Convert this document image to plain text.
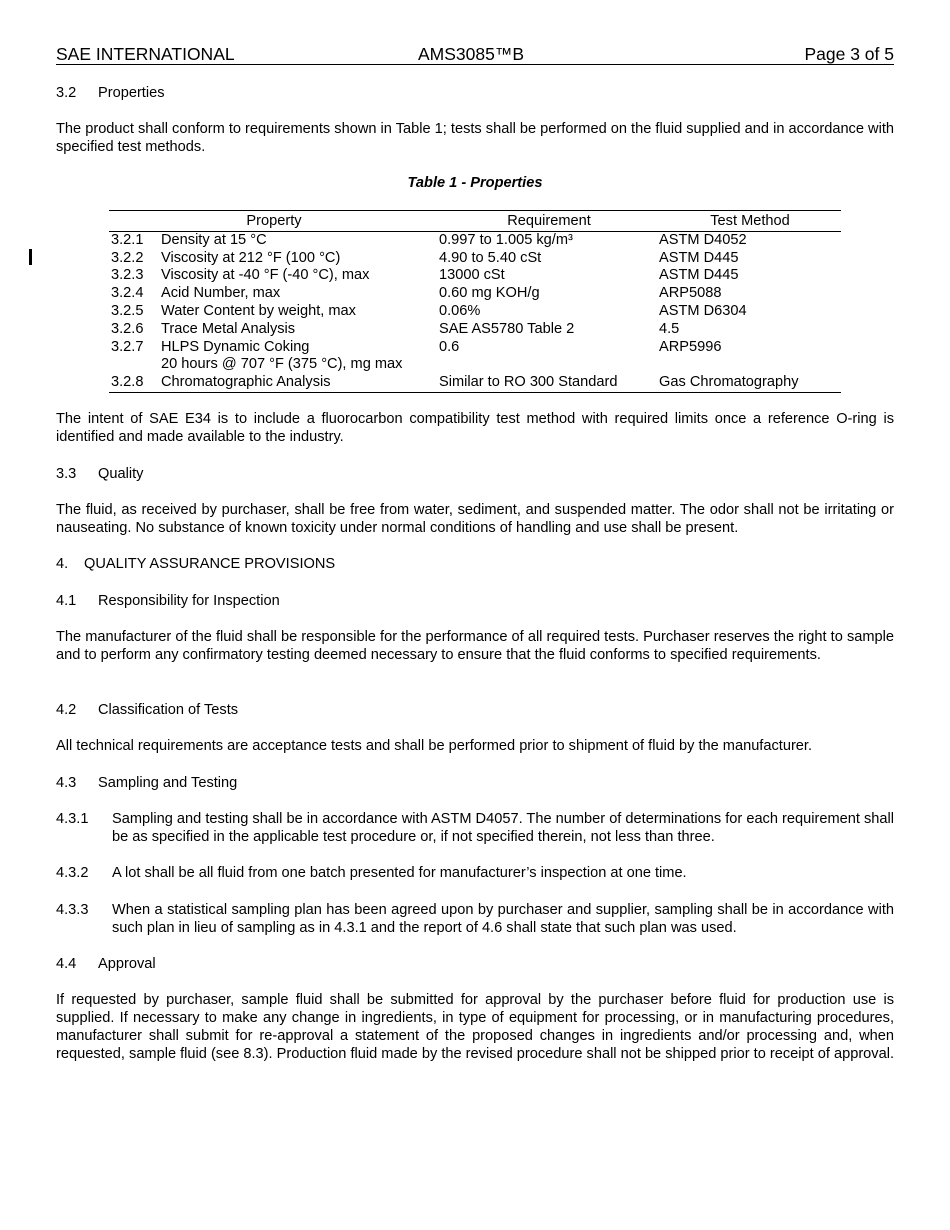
SAE INTERNATIONAL	AMS3085™B	Page 3 of 5
3.2 Properties
The product shall conform to requirements shown in Table 1; tests shall be performed on the fluid supplied and in accordance with specified test methods.
Table 1 - Properties
Property		Requirement	Test Method
3.2.1	Density at 15 °C	0.997 to 1.005 kg/m³	ASTM D4052
3.2.2	Viscosity at 212 °F (100 °C)	4.90 to 5.40 cSt	ASTM D445
3.2.3	Viscosity at -40 °F (-40 °C), max	13000 cSt	ASTM D445
3.2.4	Acid Number, max	0.60 mg KOH/g	ARP5088
3.2.5	Water Content by weight, max	0.06%	ASTM D6304
3.2.6	Trace Metal Analysis	SAE AS5780 Table 2	4.5
3.2.7	HLPS Dynamic Coking	0.6	ARP5996
	20 hours @ 707 °F (375 °C), mg max		
3.2.8	Chromatographic Analysis	Similar to RO 300 Standard	Gas Chromatography
The intent of SAE E34 is to include a fluorocarbon compatibility test method with required limits once a reference O-ring is identified and made available to the industry.
3.3 Quality
The fluid, as received by purchaser, shall be free from water, sediment, and suspended matter. The odor shall not be irritating or nauseating. No substance of known toxicity under normal conditions of handling and use shall be present.
4. QUALITY ASSURANCE PROVISIONS
4.1 Responsibility for Inspection
The manufacturer of the fluid shall be responsible for the performance of all required tests. Purchaser reserves the right to sample and to perform any confirmatory testing deemed necessary to ensure that the fluid conforms to specified requirements.
4.2 Classification of Tests
All technical requirements are acceptance tests and shall be performed prior to shipment of fluid by the manufacturer.
4.3 Sampling and Testing
4.3.1 Sampling and testing shall be in accordance with ASTM D4057. The number of determinations for each requirement shall be as specified in the applicable test procedure or, if not specified therein, not less than three.
4.3.2 A lot shall be all fluid from one batch presented for manufacturer’s inspection at one time.
4.3.3 When a statistical sampling plan has been agreed upon by purchaser and supplier, sampling shall be in accordance with such plan in lieu of sampling as in 4.3.1 and the report of 4.6 shall state that such plan was used.
4.4 Approval
If requested by purchaser, sample fluid shall be submitted for approval by the purchaser before fluid for production use is supplied. If necessary to make any change in ingredients, in type of equipment for processing, or in manufacturing procedures, manufacturer shall submit for re-approval a statement of the proposed changes in ingredients and/or processing and, when requested, sample fluid (see 8.3). Production fluid made by the revised procedure shall not be shipped prior to receipt of approval.
